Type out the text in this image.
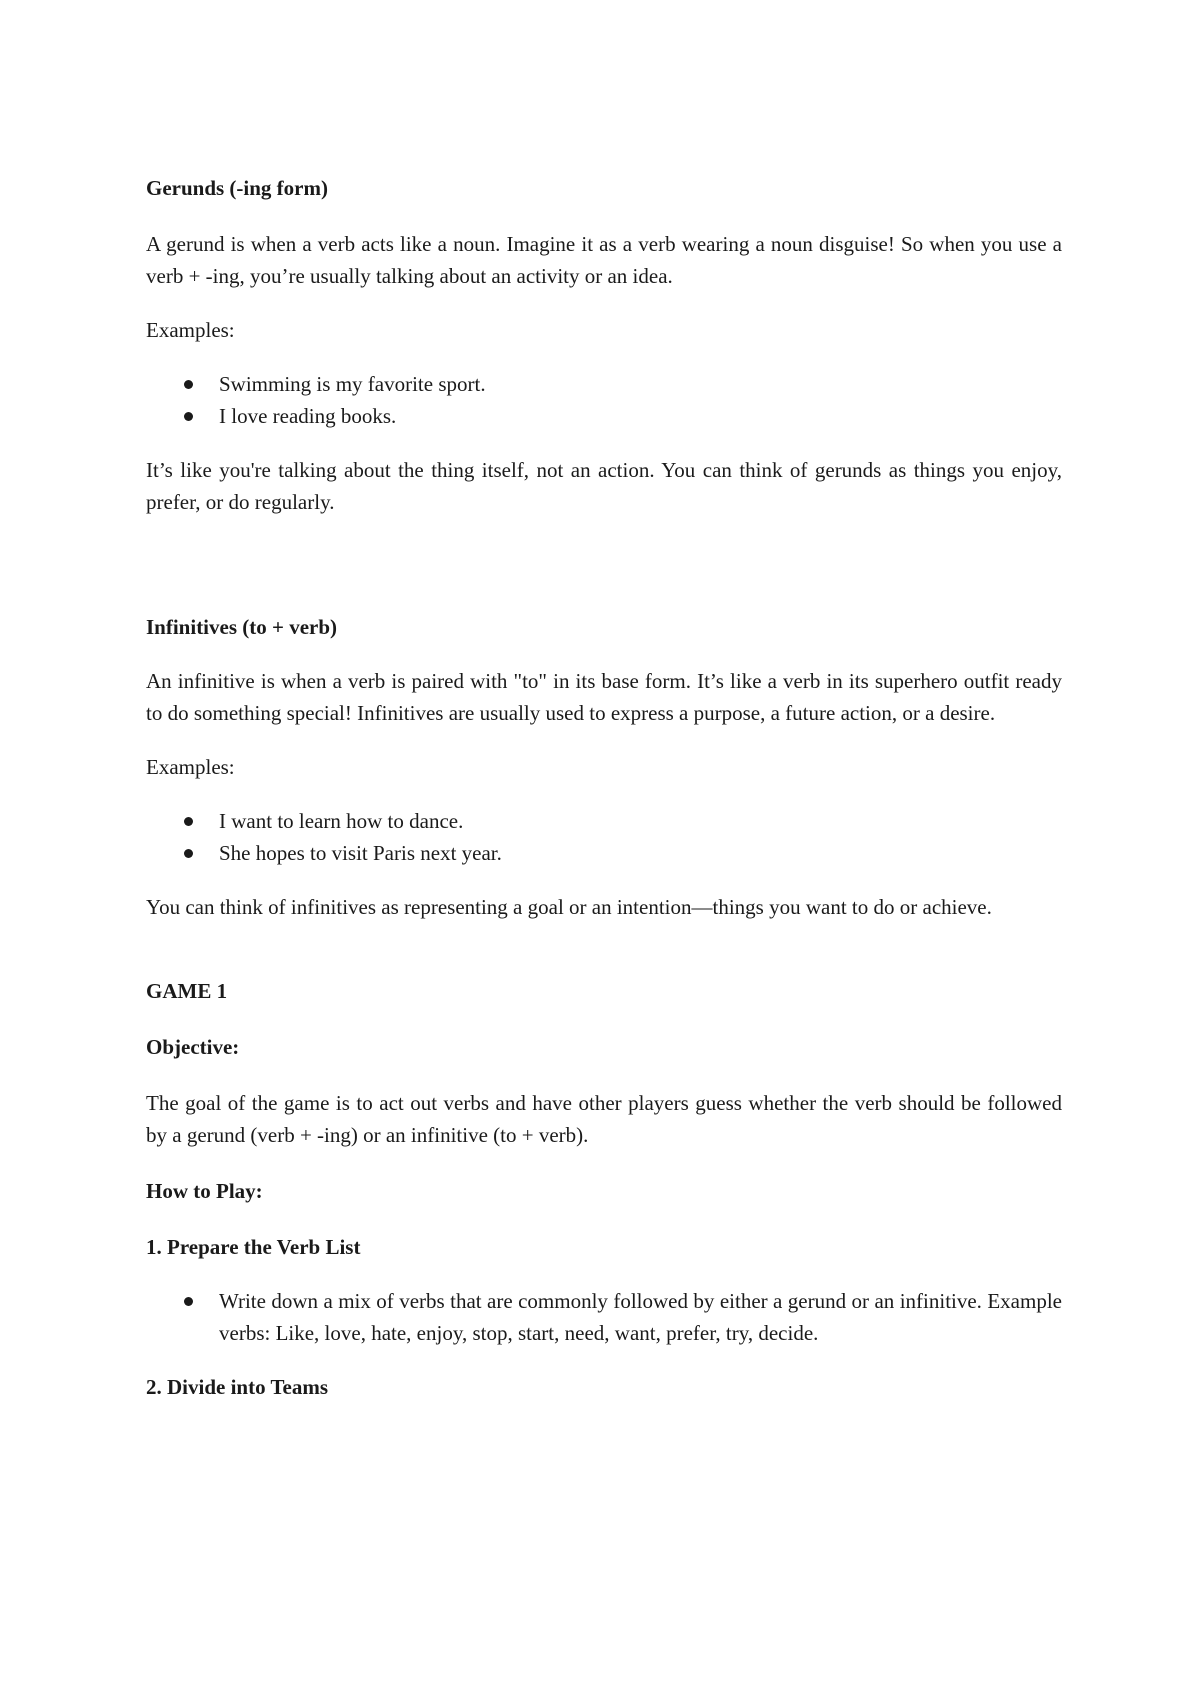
Gerunds (-ing form)

A gerund is when a verb acts like a noun. Imagine it as a verb wearing a noun disguise! So when you use a verb + -ing, you’re usually talking about an activity or an idea.

Examples:

Swimming is my favorite sport.
I love reading books.

It’s like you're talking about the thing itself, not an action. You can think of gerunds as things you enjoy, prefer, or do regularly.

Infinitives (to + verb)

An infinitive is when a verb is paired with "to" in its base form. It’s like a verb in its superhero outfit ready to do something special! Infinitives are usually used to express a purpose, a future action, or a desire.

Examples:

I want to learn how to dance.
She hopes to visit Paris next year.

You can think of infinitives as representing a goal or an intention—things you want to do or achieve.

GAME 1

Objective:

The goal of the game is to act out verbs and have other players guess whether the verb should be followed by a gerund (verb + -ing) or an infinitive (to + verb).

How to Play:

1. Prepare the Verb List

Write down a mix of verbs that are commonly followed by either a gerund or an infinitive. Example verbs: Like, love, hate, enjoy, stop, start, need, want, prefer, try, decide.

2. Divide into Teams
